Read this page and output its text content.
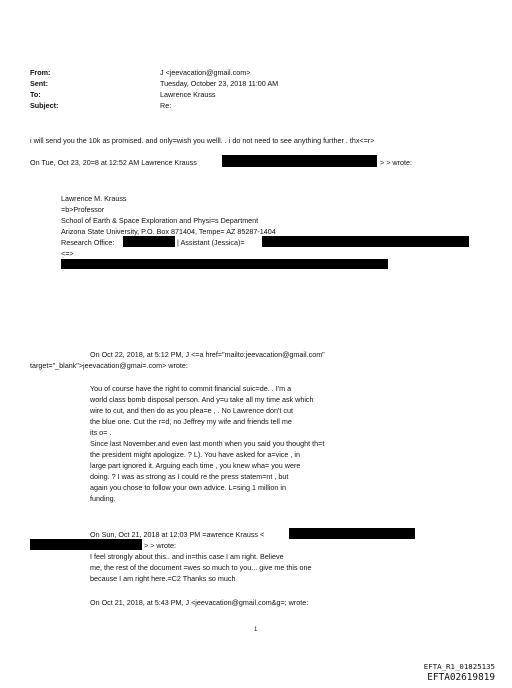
From:	J <jeevacation@gmail.com>
Sent:	Tuesday, October 23, 2018 11:00 AM
To:	Lawrence Krauss
Subject:	Re:
i will send you the 10k as promised. and only=wish you welll. . i do not need to see anything further . thx<=r>
On Tue, Oct 23, 20=8 at 12:52 AM Lawrence Krauss	> > wrote:
Lawrence M. Krauss
=b>Professor
School of Earth & Space Exploration and Physi=s Department
Arizona State University, P.O. Box 871404, Tempe= AZ 85287-1404
Research Office:	| Assistant (Jessica)=
<=>
On Oct 22, 2018, at 5:12 PM, J <=a href="mailto:jeevacation@gmail.com"
target="_blank">jeevacation@gmai=.com> wrote:
You of course have the right to commit financial suic=de. . I'm a
world class bomb disposal person. And y=u take all my time ask which
wire to cut, and then do as you plea=e , . No Lawrence don't cut
the blue one. Cut the r=d, no Jeffrey my wife and friends tell me
its o= .
Since last November.and even last month when you said you thought th=t
the president might apologize. ? L). You have asked for a=vice , in
large part ignored it. Arguing each time , you knew wha= you were
doing. ? I was as strong as I could re the press statem=nt , but
again you chose to follow your own advice. L=sing 1 million in
funding.
On Sun, Oct 21, 2018 at 12:03 PM =awrence Krauss <
> > wrote:
I feel strongly about this.. and in=this case I am right. Believe
me, the rest of the document =wes so much to you... give me this one
because I am right here.=C2 Thanks so much
On Oct 21, 2018, at 5:43 PM, J <jeevacation@gmail.com&g=; wrote:
1
EFTA_R1_01825135
EFTA02619819
